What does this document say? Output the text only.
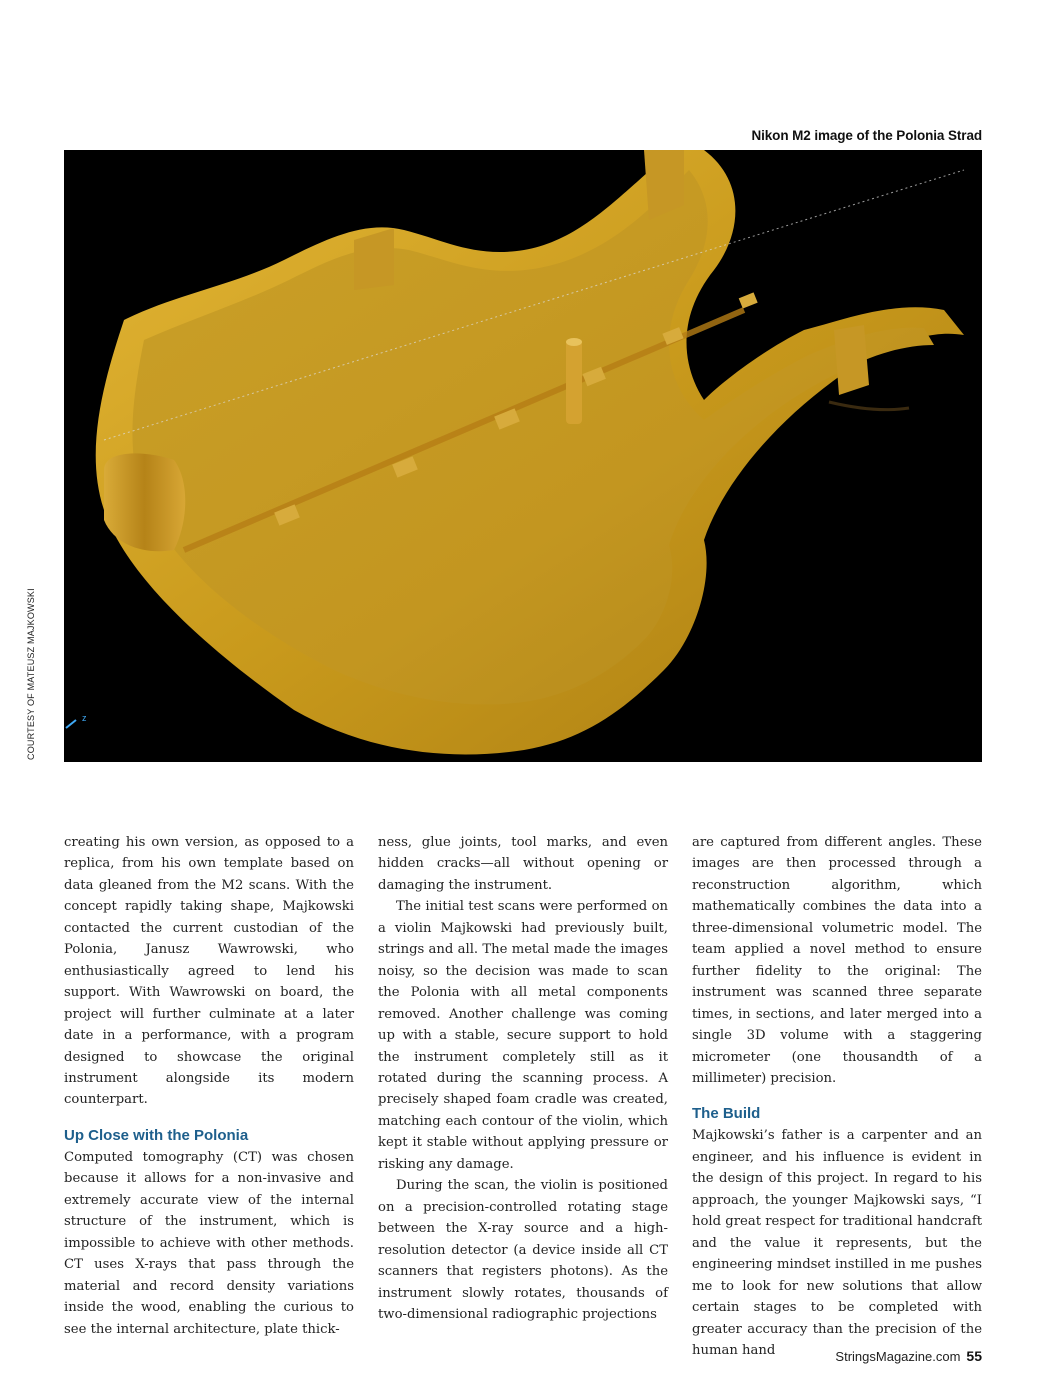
Nikon M2 image of the Polonia Strad
z
COURTESY OF MATEUSZ MAJKOWSKI

creating his own version, as opposed to a replica, from his own template based on data gleaned from the M2 scans. With the concept rapidly taking shape, Majkowski contacted the current custodian of the Polonia, Janusz Wawrowski, who enthusiastically agreed to lend his support. With Wawrowski on board, the project will further culminate at a later date in a performance, with a program designed to showcase the original instrument alongside its modern counterpart.

Up Close with the Polonia

Computed tomography (CT) was chosen because it allows for a non-invasive and extremely accurate view of the internal structure of the instrument, which is impossible to achieve with other methods. CT uses X-rays that pass through the material and record density variations inside the wood, enabling the curious to see the internal architecture, plate thick-

ness, glue joints, tool marks, and even hidden cracks—all without opening or damaging the instrument.

The initial test scans were performed on a violin Majkowski had previously built, strings and all. The metal made the images noisy, so the decision was made to scan the Polonia with all metal components removed. Another challenge was coming up with a stable, secure support to hold the instrument completely still as it rotated during the scanning process. A precisely shaped foam cradle was created, matching each contour of the violin, which kept it stable without applying pressure or risking any damage.

During the scan, the violin is positioned on a precision-controlled rotating stage between the X-ray source and a high-resolution detector (a device inside all CT scanners that registers photons). As the instrument slowly rotates, thousands of two-dimensional radiographic projections

are captured from different angles. These images are then processed through a reconstruction algorithm, which mathematically combines the data into a three-dimensional volumetric model. The team applied a novel method to ensure further fidelity to the original: The instrument was scanned three separate times, in sections, and later merged into a single 3D volume with a staggering micrometer (one thousandth of a millimeter) precision.

The Build

Majkowski’s father is a carpenter and an engineer, and his influence is evident in the design of this project. In regard to his approach, the younger Majkowski says, “I hold great respect for traditional handcraft and the value it represents, but the engineering mindset instilled in me pushes me to look for new solutions that allow certain stages to be completed with greater accuracy than the precision of the human hand	StringsMagazine.com 55
